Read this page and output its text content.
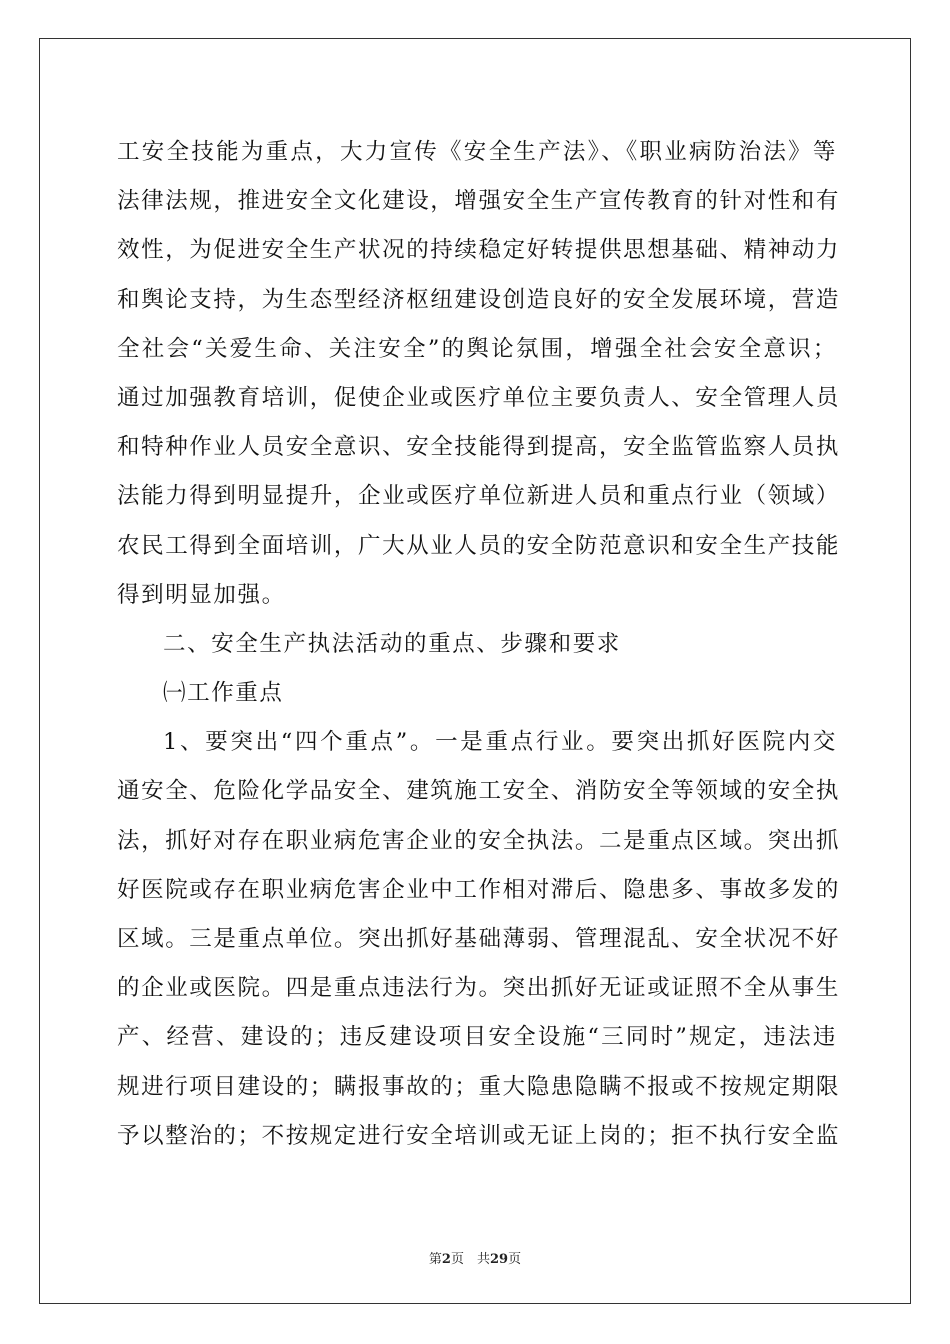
工安全技能为重点，大力宣传《安全生产法》、《职业病防治法》等
法律法规，推进安全文化建设，增强安全生产宣传教育的针对性和有
效性，为促进安全生产状况的持续稳定好转提供思想基础、精神动力
和舆论支持，为生态型经济枢纽建设创造良好的安全发展环境，营造
全社会“关爱生命、关注安全”的舆论氛围，增强全社会安全意识；
通过加强教育培训，促使企业或医疗单位主要负责人、安全管理人员
和特种作业人员安全意识、安全技能得到提高，安全监管监察人员执
法能力得到明显提升，企业或医疗单位新进人员和重点行业（领域）
农民工得到全面培训，广大从业人员的安全防范意识和安全生产技能
得到明显加强。
二、安全生产执法活动的重点、步骤和要求
㈠工作重点
1、要突出“四个重点”。一是重点行业。要突出抓好医院内交
通安全、危险化学品安全、建筑施工安全、消防安全等领域的安全执
法，抓好对存在职业病危害企业的安全执法。二是重点区域。突出抓
好医院或存在职业病危害企业中工作相对滞后、隐患多、事故多发的
区域。三是重点单位。突出抓好基础薄弱、管理混乱、安全状况不好
的企业或医院。四是重点违法行为。突出抓好无证或证照不全从事生
产、经营、建设的；违反建设项目安全设施“三同时”规定，违法违
规进行项目建设的；瞒报事故的；重大隐患隐瞒不报或不按规定期限
予以整治的；不按规定进行安全培训或无证上岗的；拒不执行安全监
第2页　共29页
